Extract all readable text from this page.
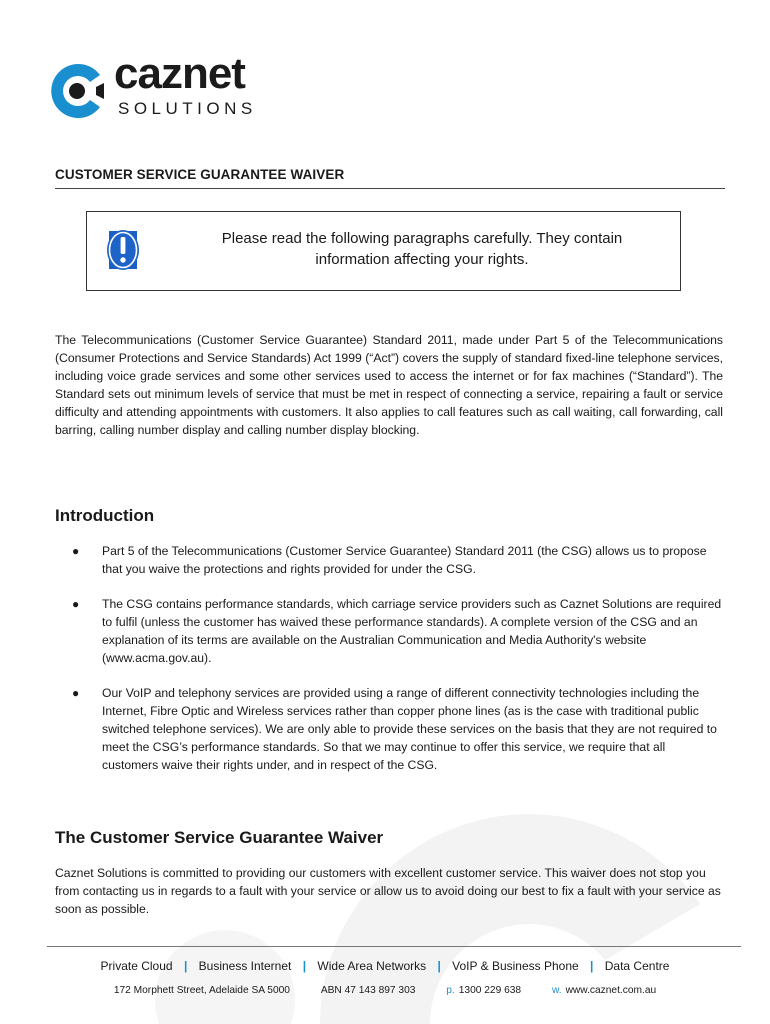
caznet
SOLUTIONS
CUSTOMER SERVICE GUARANTEE WAIVER
Please read the following paragraphs carefully. They contain information affecting your rights.
The Telecommunications (Customer Service Guarantee) Standard 2011, made under Part 5 of the Telecommunications (Consumer Protections and Service Standards) Act 1999 (“Act”) covers the supply of standard fixed-line telephone services, including voice grade services and some other services used to access the internet or for fax machines (“Standard”). The Standard sets out minimum levels of service that must be met in respect of connecting a service, repairing a fault or service difficulty and attending appointments with customers. It also applies to call features such as call waiting, call forwarding, call barring, calling number display and calling number display blocking.
Introduction
● Part 5 of the Telecommunications (Customer Service Guarantee) Standard 2011 (the CSG) allows us to propose that you waive the protections and rights provided for under the CSG.
● The CSG contains performance standards, which carriage service providers such as Caznet Solutions are required to fulfil (unless the customer has waived these performance standards). A complete version of the CSG and an explanation of its terms are available on the Australian Communication and Media Authority's website (www.acma.gov.au).
● Our VoIP and telephony services are provided using a range of different connectivity technologies including the Internet, Fibre Optic and Wireless services rather than copper phone lines (as is the case with traditional public switched telephone services). We are only able to provide these services on the basis that they are not required to meet the CSG’s performance standards. So that we may continue to offer this service, we require that all customers waive their rights under, and in respect of the CSG.
The Customer Service Guarantee Waiver
Caznet Solutions is committed to providing our customers with excellent customer service. This waiver does not stop you from contacting us in regards to a fault with your service or allow us to avoid doing our best to fix a fault with your service as soon as possible.
Private Cloud | Business Internet | Wide Area Networks | VoIP & Business Phone | Data Centre
172 Morphett Street, Adelaide SA 5000	ABN 47 143 897 303	p. 1300 229 638	w. www.caznet.com.au
